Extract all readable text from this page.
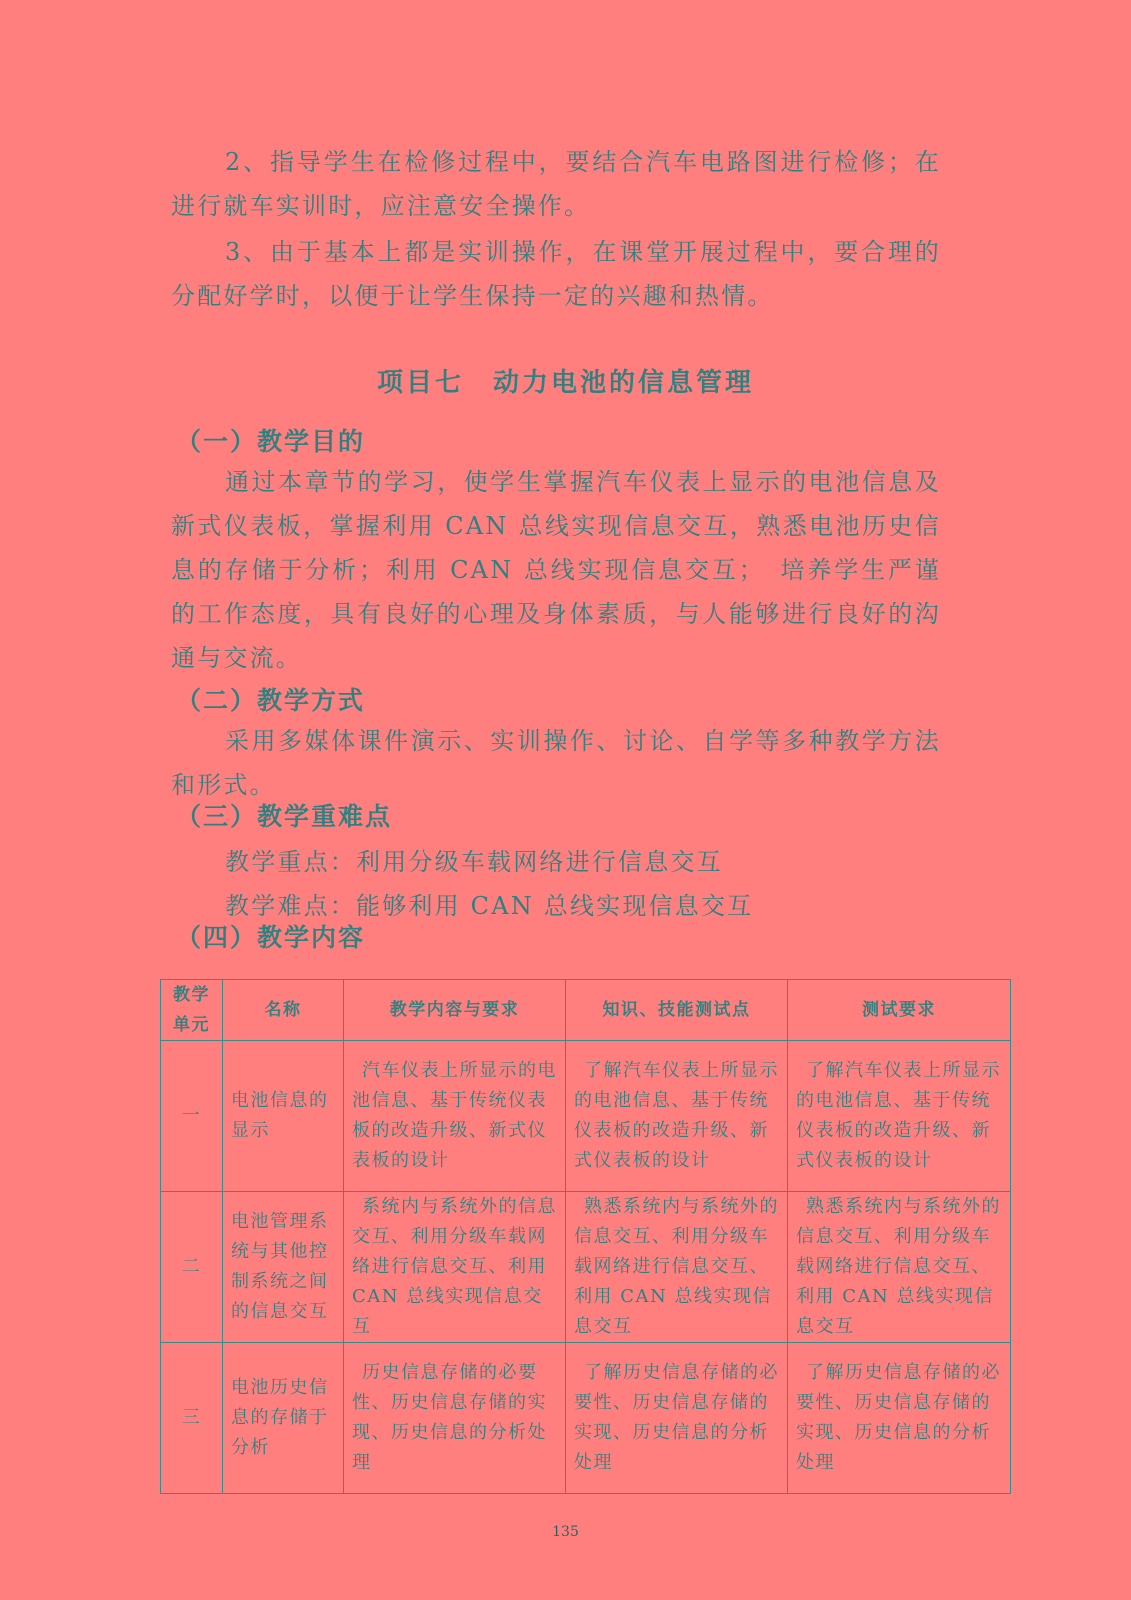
2、指导学生在检修过程中，要结合汽车电路图进行检修；在进行就车实训时，应注意安全操作。

3、由于基本上都是实训操作，在课堂开展过程中，要合理的分配好学时，以便于让学生保持一定的兴趣和热情。

项目七　动力电池的信息管理
（一）教学目的

通过本章节的学习，使学生掌握汽车仪表上显示的电池信息及新式仪表板，掌握利用 CAN 总线实现信息交互，熟悉电池历史信息的存储于分析；利用 CAN 总线实现信息交互；　培养学生严谨的工作态度，具有良好的心理及身体素质，与人能够进行良好的沟通与交流。

（二）教学方式

采用多媒体课件演示、实训操作、讨论、自学等多种教学方法和形式。

（三）教学重难点
教学重点：利用分级车载网络进行信息交互
教学难点：能够利用 CAN 总线实现信息交互
（四）教学内容
教学单元	名称	教学内容与要求	知识、技能测试点	测试要求
一	电池信息的显示	汽车仪表上所显示的电池信息、基于传统仪表板的改造升级、新式仪表板的设计	了解汽车仪表上所显示的电池信息、基于传统仪表板的改造升级、新式仪表板的设计	了解汽车仪表上所显示的电池信息、基于传统仪表板的改造升级、新式仪表板的设计
二	电池管理系统与其他控制系统之间的信息交互	系统内与系统外的信息交互、利用分级车载网络进行信息交互、利用 CAN 总线实现信息交互	熟悉系统内与系统外的信息交互、利用分级车载网络进行信息交互、利用 CAN 总线实现信息交互	熟悉系统内与系统外的信息交互、利用分级车载网络进行信息交互、利用 CAN 总线实现信息交互
三	电池历史信息的存储于分析	历史信息存储的必要性、历史信息存储的实现、历史信息的分析处理	了解历史信息存储的必要性、历史信息存储的实现、历史信息的分析处理	了解历史信息存储的必要性、历史信息存储的实现、历史信息的分析处理
135
